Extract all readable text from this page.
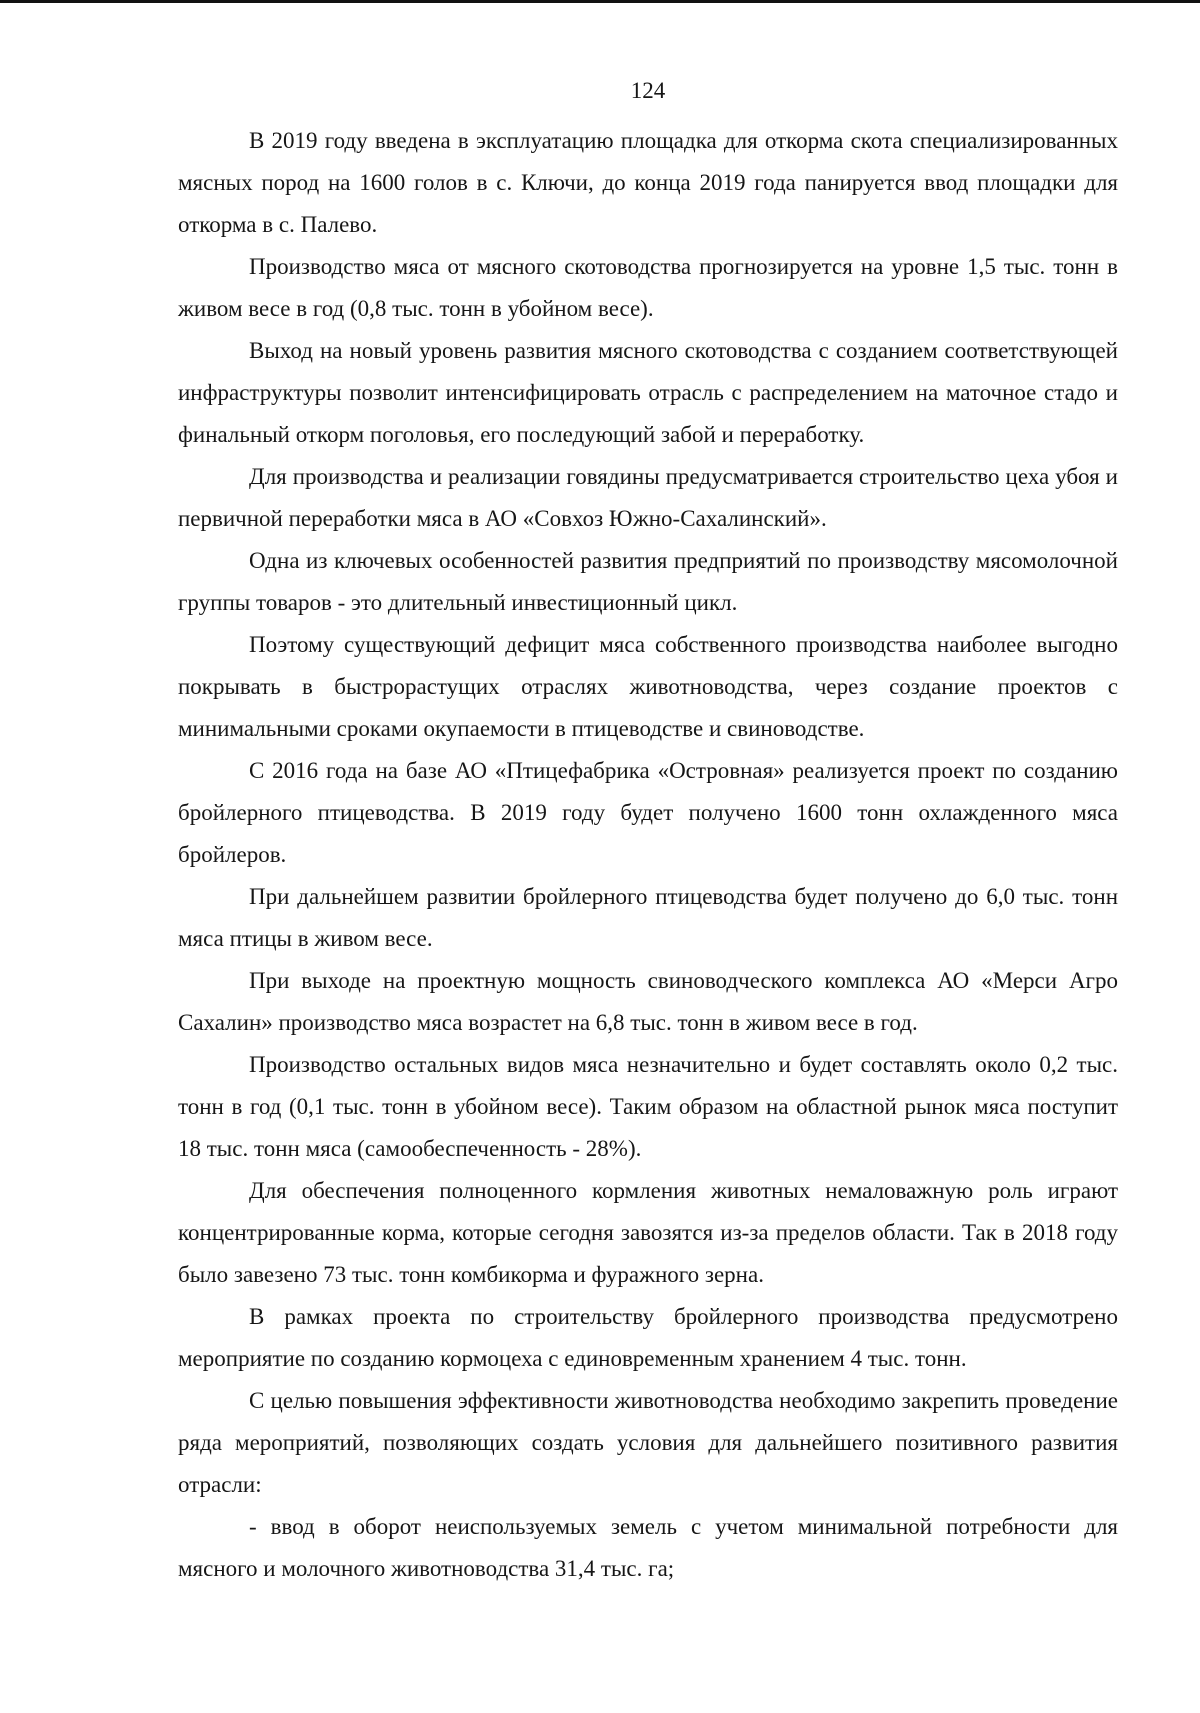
124

В 2019 году введена в эксплуатацию площадка для откорма скота специализированных мясных пород на 1600 голов в с. Ключи, до конца 2019 года панируется ввод площадки для откорма в с. Палево.

Производство мяса от мясного скотоводства прогнозируется на уровне 1,5 тыс. тонн в живом весе в год (0,8 тыс. тонн в убойном весе).

Выход на новый уровень развития мясного скотоводства с созданием соответствующей инфраструктуры позволит интенсифицировать отрасль с распределением на маточное стадо и финальный откорм поголовья, его последующий забой и переработку.

Для производства и реализации говядины предусматривается строительство цеха убоя и первичной переработки мяса в АО «Совхоз Южно-Сахалинский».

Одна из ключевых особенностей развития предприятий по производству мясомолочной группы товаров - это длительный инвестиционный цикл.

Поэтому существующий дефицит мяса собственного производства наиболее выгодно покрывать в быстрорастущих отраслях животноводства, через создание проектов с минимальными сроками окупаемости в птицеводстве и свиноводстве.

С 2016 года на базе АО «Птицефабрика «Островная» реализуется проект по созданию бройлерного птицеводства. В 2019 году будет получено 1600 тонн охлажденного мяса бройлеров.

При дальнейшем развитии бройлерного птицеводства будет получено до 6,0 тыс. тонн мяса птицы в живом весе.

При выходе на проектную мощность свиноводческого комплекса АО «Мерси Агро Сахалин» производство мяса возрастет на 6,8 тыс. тонн в живом весе в год.

Производство остальных видов мяса незначительно и будет составлять около 0,2 тыс. тонн в год (0,1 тыс. тонн в убойном весе). Таким образом на областной рынок мяса поступит 18 тыс. тонн мяса (самообеспеченность - 28%).

Для обеспечения полноценного кормления животных немаловажную роль играют концентрированные корма, которые сегодня завозятся из-за пределов области. Так в 2018 году было завезено 73 тыс. тонн комбикорма и фуражного зерна.

В рамках проекта по строительству бройлерного производства предусмотрено мероприятие по созданию кормоцеха с единовременным хранением 4 тыс. тонн.

С целью повышения эффективности животноводства необходимо закрепить проведение ряда мероприятий, позволяющих создать условия для дальнейшего позитивного развития отрасли:

- ввод в оборот неиспользуемых земель с учетом минимальной потребности для мясного и молочного животноводства 31,4 тыс. га;
